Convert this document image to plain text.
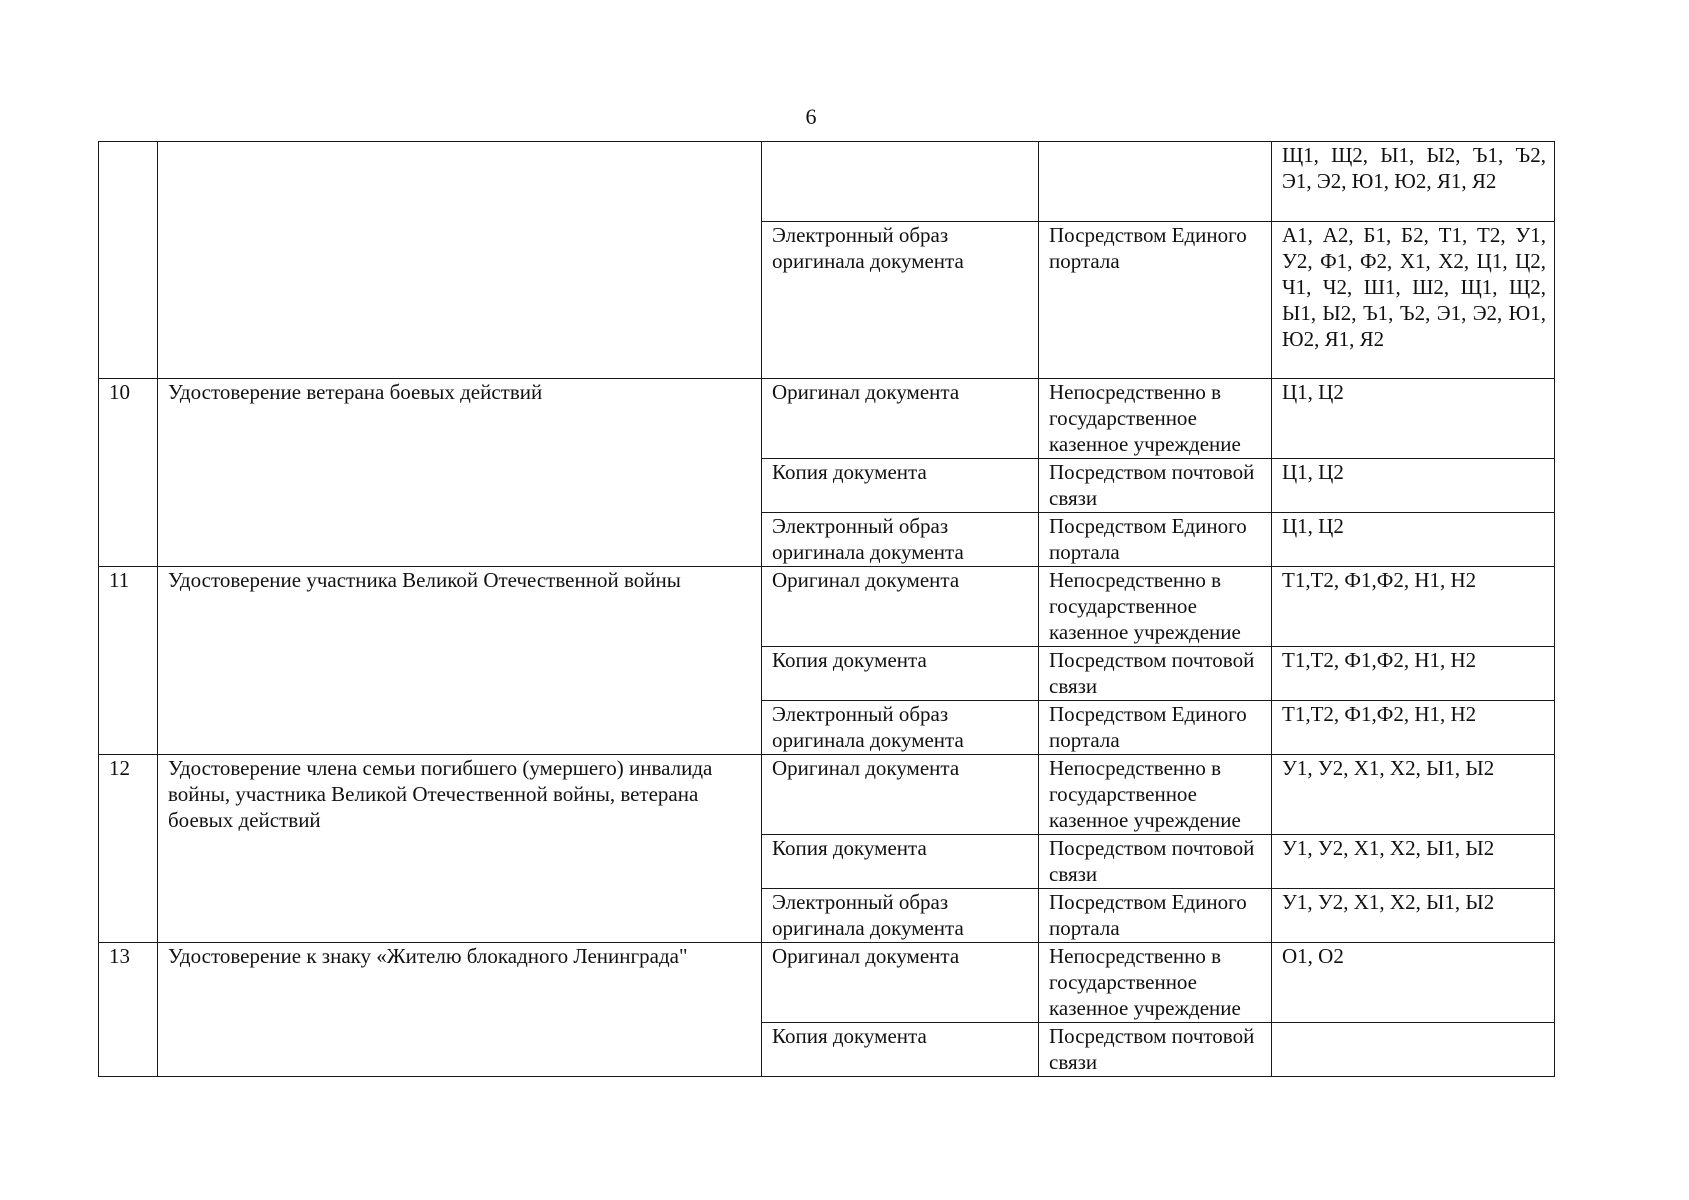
6
				Щ1, Щ2, Ы1, Ы2, Ъ1, Ъ2, Э1, Э2, Ю1, Ю2, Я1, Я2
		Электронный образ оригинала документа	Посредством Единого портала	А1, А2, Б1, Б2, Т1, Т2, У1, У2, Ф1, Ф2, Х1, Х2, Ц1, Ц2, Ч1, Ч2, Ш1, Ш2, Щ1, Щ2, Ы1, Ы2, Ъ1, Ъ2, Э1, Э2, Ю1, Ю2, Я1, Я2
10	Удостоверение ветерана боевых действий	Оригинал документа	Непосредственно в государственное казенное учреждение	Ц1, Ц2
		Копия документа	Посредством почтовой связи	Ц1, Ц2
		Электронный образ оригинала документа	Посредством Единого портала	Ц1, Ц2
11	Удостоверение участника Великой Отечественной войны	Оригинал документа	Непосредственно в государственное казенное учреждение	Т1,Т2, Ф1,Ф2, Н1, Н2
		Копия документа	Посредством почтовой связи	Т1,Т2, Ф1,Ф2, Н1, Н2
		Электронный образ оригинала документа	Посредством Единого портала	Т1,Т2, Ф1,Ф2, Н1, Н2
12	Удостоверение члена семьи погибшего (умершего) инвалида войны, участника Великой Отечественной войны, ветерана боевых действий	Оригинал документа	Непосредственно в государственное казенное учреждение	У1, У2, Х1, Х2, Ы1, Ы2
		Копия документа	Посредством почтовой связи	У1, У2, Х1, Х2, Ы1, Ы2
		Электронный образ оригинала документа	Посредством Единого портала	У1, У2, Х1, Х2, Ы1, Ы2
13	Удостоверение к знаку «Жителю блокадного Ленинграда"	Оригинал документа	Непосредственно в государственное казенное учреждение	О1, О2
		Копия документа	Посредством почтовой связи	
